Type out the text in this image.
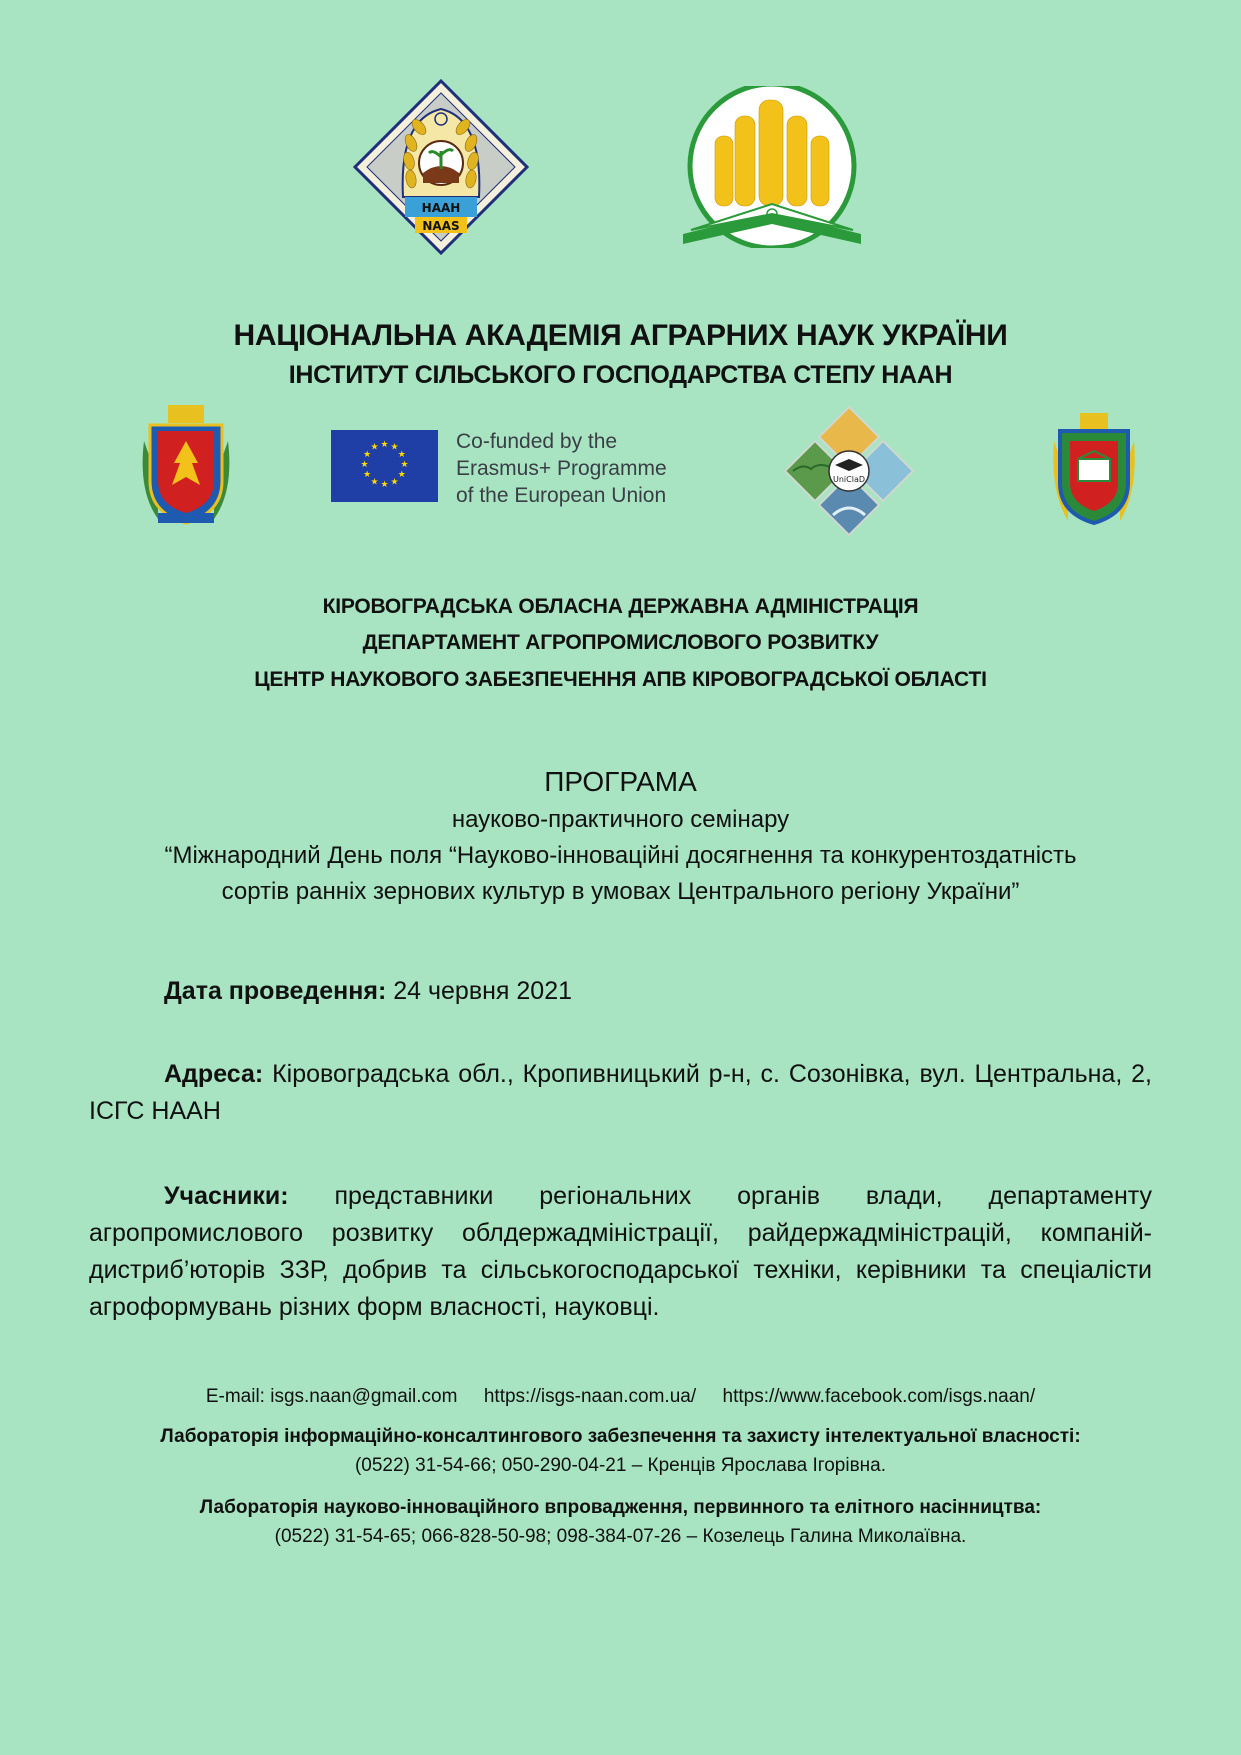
НААН
NAAS
НАЦІОНАЛЬНА АКАДЕМІЯ АГРАРНИХ НАУК УКРАЇНИ
ІНСТИТУТ СІЛЬСЬКОГО ГОСПОДАРСТВА СТЕПУ НААН
★ ★
★
★
★
★
★
★
★
★
★
★	Co-funded by the
Erasmus+ Programme
of the European Union
UniClaD
КІРОВОГРАДСЬКА ОБЛАСНА ДЕРЖАВНА АДМІНІСТРАЦІЯ
ДЕПАРТАМЕНТ АГРОПРОМИСЛОВОГО РОЗВИТКУ
ЦЕНТР НАУКОВОГО ЗАБЕЗПЕЧЕННЯ АПВ КІРОВОГРАДСЬКОЇ ОБЛАСТІ
ПРОГРАМА
науково-практичного семінару
“Міжнародний День поля “Науково-інноваційні досягнення та конкурентоздатність
сортів ранніх зернових культур в умовах Центрального регіону України”
Дата проведення: 24 червня 2021
Адреса: Кіровоградська обл., Кропивницький р-н, с. Созонівка, вул. Центральна, 2, ІСГС НААН
Учасники: представники регіональних органів влади, департаменту агропромислового розвитку облдержадміністрації, райдержадміністрацій, компаній-дистриб’юторів ЗЗР, добрив та сільськогосподарської техніки, керівники та спеціалісти агроформувань різних форм власності, науковці.
E-mail: isgs.naan@gmail.com https://isgs-naan.com.ua/ https://www.facebook.com/isgs.naan/
Лабораторія інформаційно-консалтингового забезпечення та захисту інтелектуальної власності:
(0522) 31-54-66; 050-290-04-21 – Кренців Ярослава Ігорівна.
Лабораторія науково-інноваційного впровадження, первинного та елітного насінництва:
(0522) 31-54-65; 066-828-50-98; 098-384-07-26 – Козелець Галина Миколаївна.
